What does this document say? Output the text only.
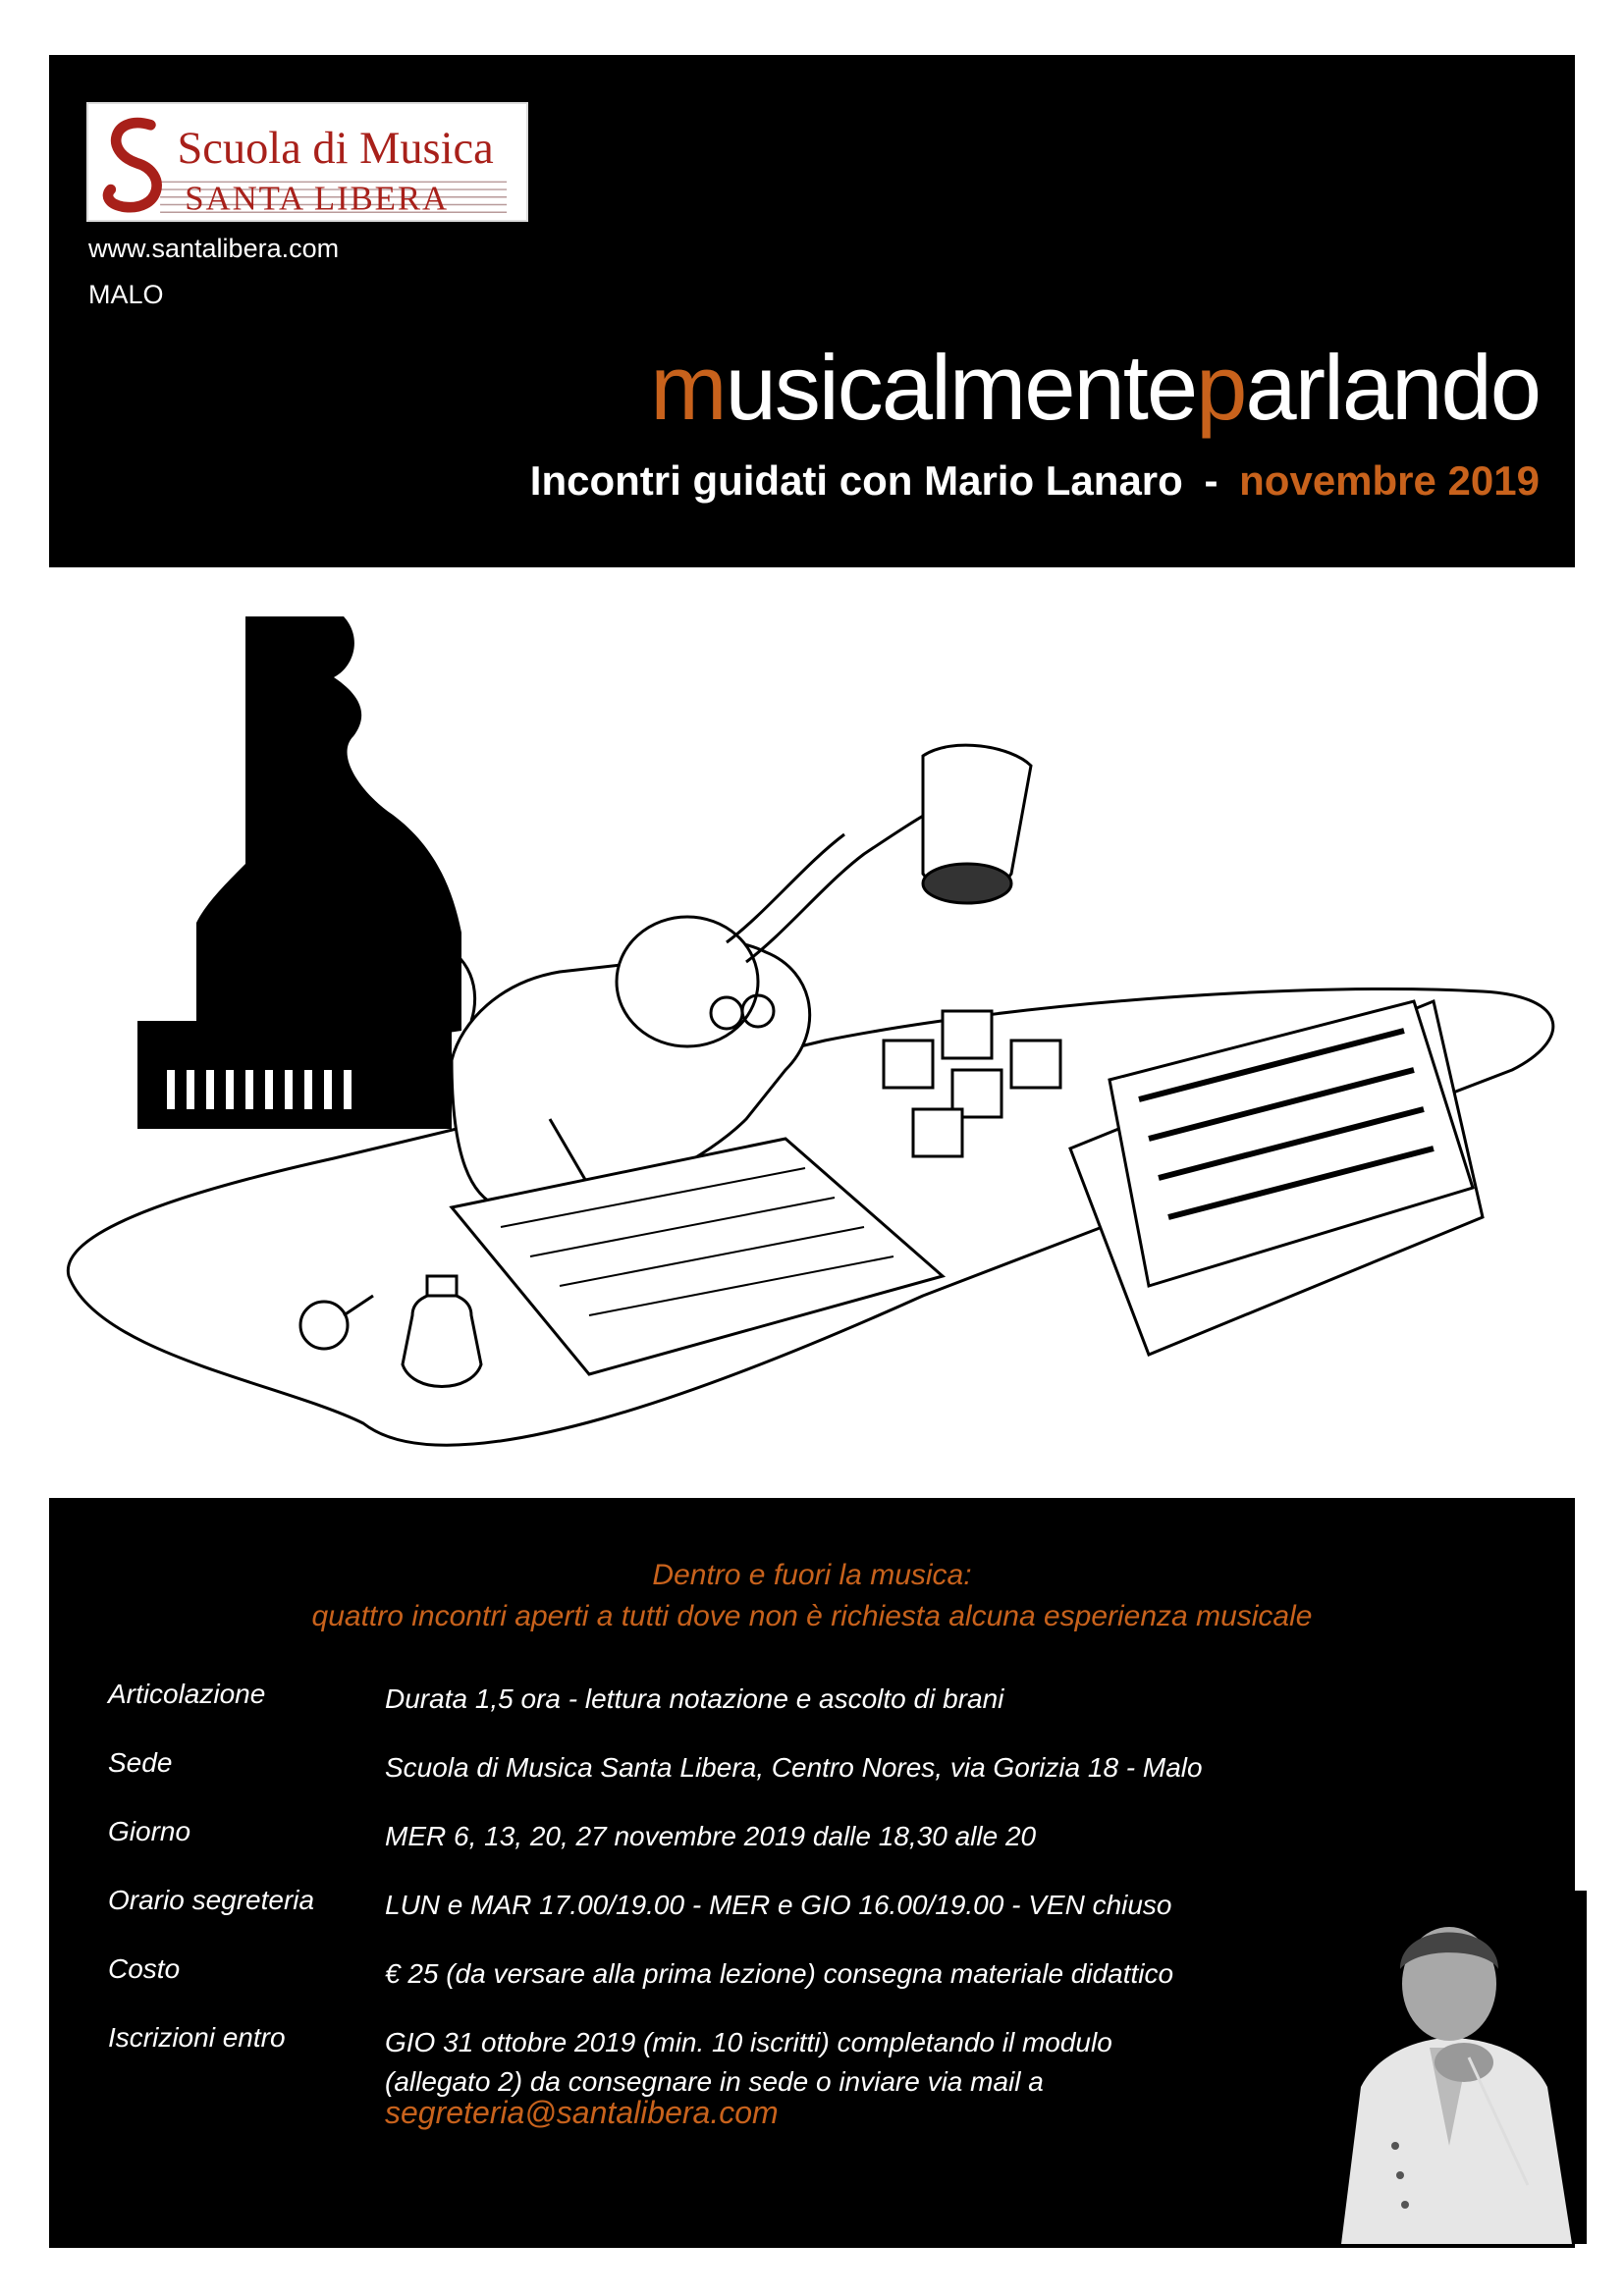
Scuola di Musica
SANTA LIBERA
www.santalibera.com
MALO
musicalmenteparlando
Incontri guidati con Mario Lanaro - novembre 2019
Dentro e fuori la musica:
quattro incontri aperti a tutti dove non è richiesta alcuna esperienza musicale
Articolazione	Durata 1,5 ora - lettura notazione e ascolto di brani
Sede	Scuola di Musica Santa Libera, Centro Nores, via Gorizia 18 - Malo
Giorno	MER 6, 13, 20, 27 novembre 2019 dalle 18,30 alle 20
Orario segreteria	LUN e MAR 17.00/19.00 - MER e GIO 16.00/19.00 - VEN chiuso
Costo	€ 25 (da versare alla prima lezione) consegna materiale didattico
Iscrizioni entro	GIO 31 ottobre 2019 (min. 10 iscritti) completando il modulo
(allegato 2) da consegnare in sede o inviare via mail a
segreteria@santalibera.com
